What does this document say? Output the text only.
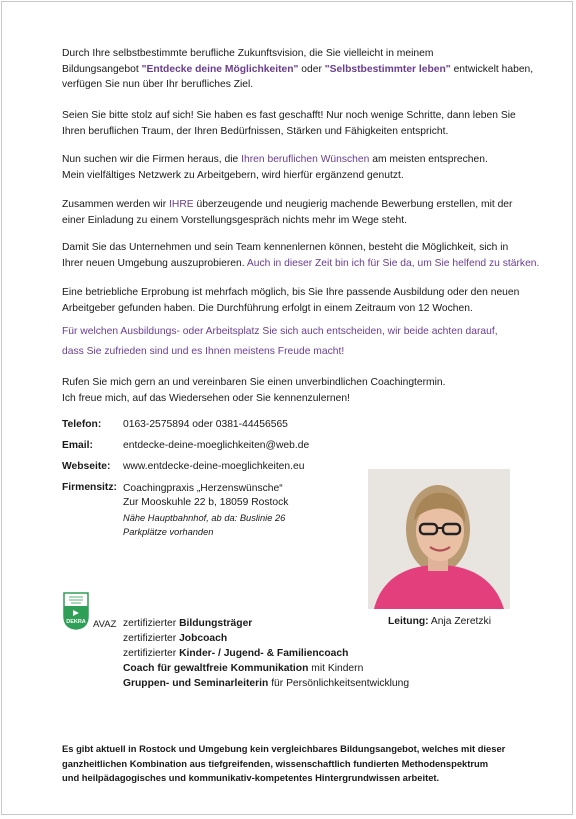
Durch Ihre selbstbestimmte berufliche Zukunftsvision, die Sie vielleicht in meinem
Bildungsangebot "Entdecke deine Möglichkeiten" oder "Selbstbestimmter leben" entwickelt haben,
verfügen Sie nun über Ihr berufliches Ziel.
Seien Sie bitte stolz auf sich! Sie haben es fast geschafft! Nur noch wenige Schritte, dann leben Sie
Ihren beruflichen Traum, der Ihren Bedürfnissen, Stärken und Fähigkeiten entspricht.
Nun suchen wir die Firmen heraus, die Ihren beruflichen Wünschen am meisten entsprechen.
Mein vielfältiges Netzwerk zu Arbeitgebern, wird hierfür ergänzend genutzt.
Zusammen werden wir IHRE überzeugende und neugierig machende Bewerbung erstellen, mit der
einer Einladung zu einem Vorstellungsgespräch nichts mehr im Wege steht.
Damit Sie das Unternehmen und sein Team kennenlernen können, besteht die Möglichkeit, sich in
Ihrer neuen Umgebung auszuprobieren. Auch in dieser Zeit bin ich für Sie da, um Sie helfend zu stärken.
Eine betriebliche Erprobung ist mehrfach möglich, bis Sie Ihre passende Ausbildung oder den neuen
Arbeitgeber gefunden haben. Die Durchführung erfolgt in einem Zeitraum von 12 Wochen.
Für welchen Ausbildungs- oder Arbeitsplatz Sie sich auch entscheiden, wir beide achten darauf,
dass Sie zufrieden sind und es Ihnen meistens Freude macht!
Rufen Sie mich gern an und vereinbaren Sie einen unverbindlichen Coachingtermin.
Ich freue mich, auf das Wiedersehen oder Sie kennenzulernen!
Telefon: 0163-2575894 oder 0381-44456565
Email:	entdecke-deine-moeglichkeiten@web.de
Webseite: www.entdecke-deine-moeglichkeiten.eu
Firmensitz: Coachingpraxis „Herzenswünsche“
Zur Mooskuhle 22 b, 18059 Rostock
Nähe Hauptbahnhof, ab da: Buslinie 26
Parkplätze vorhanden
DEKRA AVAZ zertifizierter Bildungsträger
zertifizierter Jobcoach
zertifizierter Kinder- / Jugend- & Familiencoach
Coach für gewaltfreie Kommunikation mit Kindern
Gruppen- und Seminarleiterin für Persönlichkeitsentwicklung
Leitung: Anja Zeretzki
Es gibt aktuell in Rostock und Umgebung kein vergleichbares Bildungsangebot, welches mit dieser
ganzheitlichen Kombination aus tiefgreifenden, wissenschaftlich fundierten Methodenspektrum
und heilpädagogisches und kommunikativ-kompetentes Hintergrundwissen arbeitet.
